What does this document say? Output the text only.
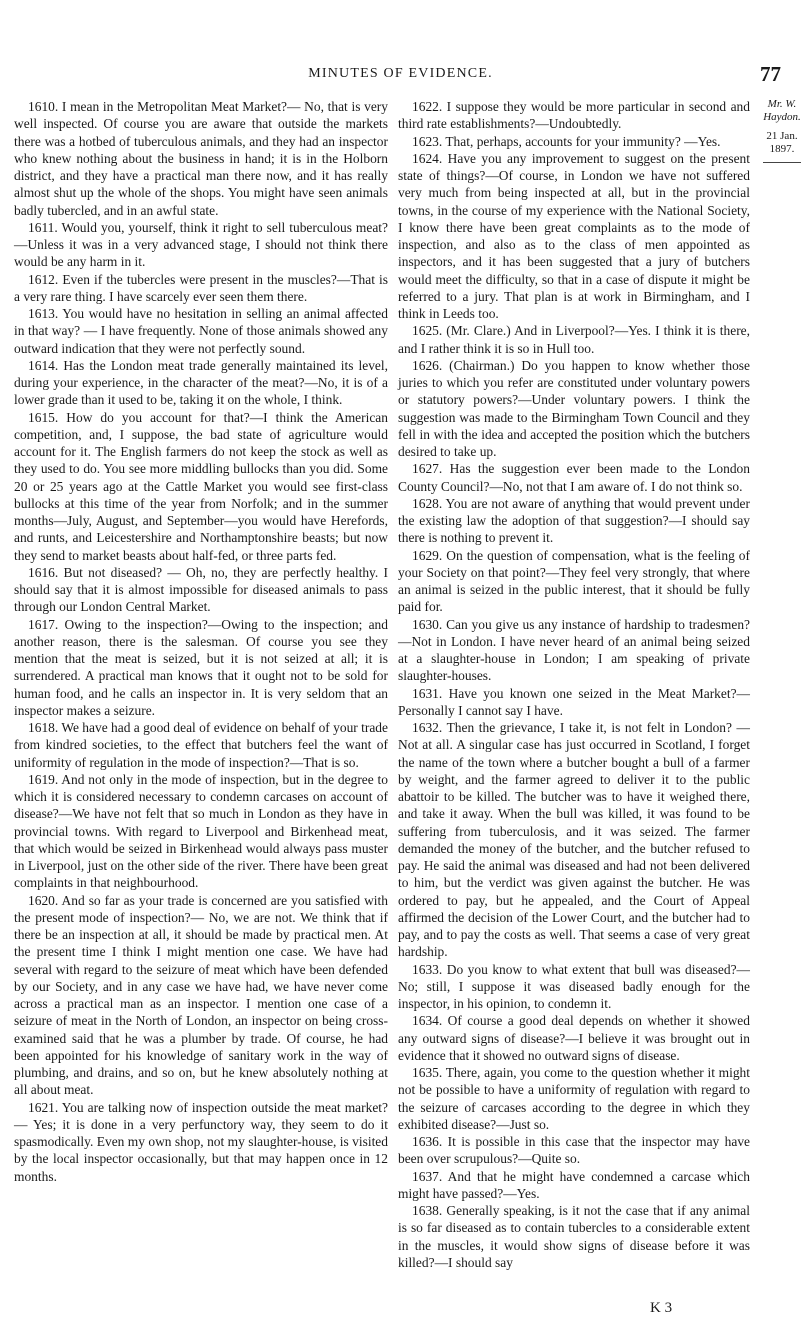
MINUTES OF EVIDENCE.	77

1610. I mean in the Metropolitan Meat Market?— No, that is very well inspected. Of course you are aware that outside the markets there was a hotbed of tuberculous animals, and they had an inspector who knew nothing about the business in hand; it is in the Holborn district, and they have a practical man there now, and it has really almost shut up the whole of the shops. You might have seen animals badly tubercled, and in an awful state.

1611. Would you, yourself, think it right to sell tuberculous meat?—Unless it was in a very advanced stage, I should not think there would be any harm in it.

1612. Even if the tubercles were present in the muscles?—That is a very rare thing. I have scarcely ever seen them there.

1613. You would have no hesitation in selling an animal affected in that way? — I have frequently. None of those animals showed any outward indication that they were not perfectly sound.

1614. Has the London meat trade generally maintained its level, during your experience, in the character of the meat?—No, it is of a lower grade than it used to be, taking it on the whole, I think.

1615. How do you account for that?—I think the American competition, and, I suppose, the bad state of agriculture would account for it. The English farmers do not keep the stock as well as they used to do. You see more middling bullocks than you did. Some 20 or 25 years ago at the Cattle Market you would see first-class bullocks at this time of the year from Norfolk; and in the summer months—July, August, and September—you would have Herefords, and runts, and Leicestershire and Northamptonshire beasts; but now they send to market beasts about half-fed, or three parts fed.

1616. But not diseased? — Oh, no, they are perfectly healthy. I should say that it is almost impossible for diseased animals to pass through our London Central Market.

1617. Owing to the inspection?—Owing to the inspection; and another reason, there is the salesman. Of course you see they mention that the meat is seized, but it is not seized at all; it is surrendered. A practical man knows that it ought not to be sold for human food, and he calls an inspector in. It is very seldom that an inspector makes a seizure.

1618. We have had a good deal of evidence on behalf of your trade from kindred societies, to the effect that butchers feel the want of uniformity of regulation in the mode of inspection?—That is so.

1619. And not only in the mode of inspection, but in the degree to which it is considered necessary to condemn carcases on account of disease?—We have not felt that so much in London as they have in provincial towns. With regard to Liverpool and Birkenhead meat, that which would be seized in Birkenhead would always pass muster in Liverpool, just on the other side of the river. There have been great complaints in that neighbourhood.

1620. And so far as your trade is concerned are you satisfied with the present mode of inspection?— No, we are not. We think that if there be an inspection at all, it should be made by practical men. At the present time I think I might mention one case. We have had several with regard to the seizure of meat which have been defended by our Society, and in any case we have had, we have never come across a practical man as an inspector. I mention one case of a seizure of meat in the North of London, an inspector on being cross-examined said that he was a plumber by trade. Of course, he had been appointed for his knowledge of sanitary work in the way of plumbing, and drains, and so on, but he knew absolutely nothing at all about meat.

1621. You are talking now of inspection outside the meat market? — Yes; it is done in a very perfunctory way, they seem to do it spasmodically. Even my own shop, not my slaughter-house, is visited by the local inspector occasionally, but that may happen once in 12 months.

1622. I suppose they would be more particular in second and third rate establishments?—Undoubtedly.

1623. That, perhaps, accounts for your immunity? —Yes.

1624. Have you any improvement to suggest on the present state of things?—Of course, in London we have not suffered very much from being inspected at all, but in the provincial towns, in the course of my experience with the National Society, I know there have been great complaints as to the mode of inspection, and also as to the class of men appointed as inspectors, and it has been suggested that a jury of butchers would meet the difficulty, so that in a case of dispute it might be referred to a jury. That plan is at work in Birmingham, and I think in Leeds too.

1625. (Mr. Clare.) And in Liverpool?—Yes. I think it is there, and I rather think it is so in Hull too.

1626. (Chairman.) Do you happen to know whether those juries to which you refer are constituted under voluntary powers or statutory powers?—Under voluntary powers. I think the suggestion was made to the Birmingham Town Council and they fell in with the idea and accepted the position which the butchers desired to take up.

1627. Has the suggestion ever been made to the London County Council?—No, not that I am aware of. I do not think so.

1628. You are not aware of anything that would prevent under the existing law the adoption of that suggestion?—I should say there is nothing to prevent it.

1629. On the question of compensation, what is the feeling of your Society on that point?—They feel very strongly, that where an animal is seized in the public interest, that it should be fully paid for.

1630. Can you give us any instance of hardship to tradesmen?—Not in London. I have never heard of an animal being seized at a slaughter-house in London; I am speaking of private slaughter-houses.

1631. Have you known one seized in the Meat Market?—Personally I cannot say I have.

1632. Then the grievance, I take it, is not felt in London? — Not at all. A singular case has just occurred in Scotland, I forget the name of the town where a butcher bought a bull of a farmer by weight, and the farmer agreed to deliver it to the public abattoir to be killed. The butcher was to have it weighed there, and take it away. When the bull was killed, it was found to be suffering from tuberculosis, and it was seized. The farmer demanded the money of the butcher, and the butcher refused to pay. He said the animal was diseased and had not been delivered to him, but the verdict was given against the butcher. He was ordered to pay, but he appealed, and the Court of Appeal affirmed the decision of the Lower Court, and the butcher had to pay, and to pay the costs as well. That seems a case of very great hardship.

1633. Do you know to what extent that bull was diseased?—No; still, I suppose it was diseased badly enough for the inspector, in his opinion, to condemn it.

1634. Of course a good deal depends on whether it showed any outward signs of disease?—I believe it was brought out in evidence that it showed no outward signs of disease.

1635. There, again, you come to the question whether it might not be possible to have a uniformity of regulation with regard to the seizure of carcases according to the degree in which they exhibited disease?—Just so.

1636. It is possible in this case that the inspector may have been over scrupulous?—Quite so.

1637. And that he might have condemned a carcase which might have passed?—Yes.

1638. Generally speaking, is it not the case that if any animal is so far diseased as to contain tubercles to a considerable extent in the muscles, it would show signs of disease before it was killed?—I should say

Mr. W. Haydon.
21 Jan. 1897.
K 3
